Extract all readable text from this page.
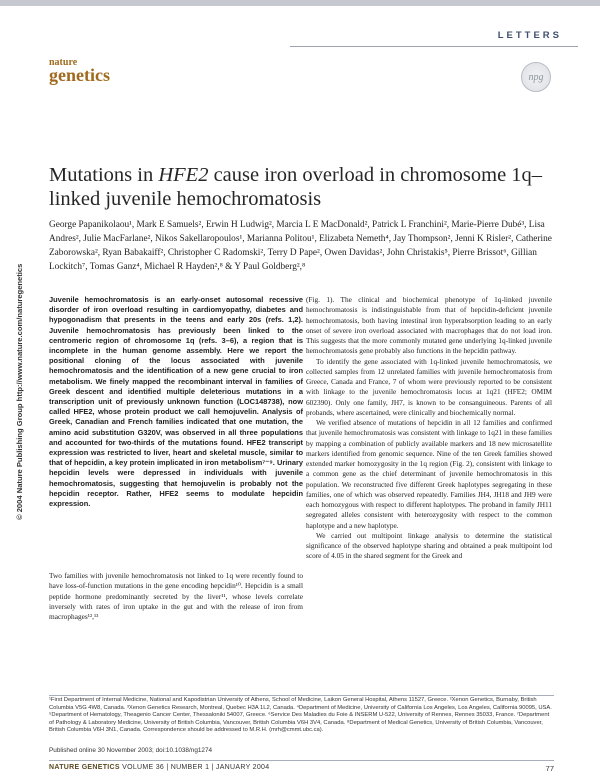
LETTERS
nature
genetics	npg
© 2004 Nature Publishing Group http://www.nature.com/naturegenetics
Mutations in HFE2 cause iron overload in chromosome 1q–linked juvenile hemochromatosis
George Papanikolaou¹, Mark E Samuels², Erwin H Ludwig², Marcia L E MacDonald², Patrick L Franchini², Marie-Pierre Dubé³, Lisa Andres², Julie MacFarlane², Nikos Sakellaropoulos¹, Marianna Politou¹, Elizabeta Nemeth⁴, Jay Thompson², Jenni K Risler², Catherine Zaborowska², Ryan Babakaiff², Christopher C Radomski², Terry D Pape², Owen Davidas², John Christakis⁵, Pierre Brissot⁶, Gillian Lockitch⁷, Tomas Ganz⁴, Michael R Hayden²,⁸ & Y Paul Goldberg²,⁸
Juvenile hemochromatosis is an early-onset autosomal recessive disorder of iron overload resulting in cardiomyopathy, diabetes and hypogonadism that presents in the teens and early 20s (refs. 1,2). Juvenile hemochromatosis has previously been linked to the centromeric region of chromosome 1q (refs. 3–6), a region that is incomplete in the human genome assembly. Here we report the positional cloning of the locus associated with juvenile hemochromatosis and the identification of a new gene crucial to iron metabolism. We finely mapped the recombinant interval in families of Greek descent and identified multiple deleterious mutations in a transcription unit of previously unknown function (LOC148738), now called HFE2, whose protein product we call hemojuvelin. Analysis of Greek, Canadian and French families indicated that one mutation, the amino acid substitution G320V, was observed in all three populations and accounted for two-thirds of the mutations found. HFE2 transcript expression was restricted to liver, heart and skeletal muscle, similar to that of hepcidin, a key protein implicated in iron metabolism⁷⁻⁹. Urinary hepcidin levels were depressed in individuals with juvenile hemochromatosis, suggesting that hemojuvelin is probably not the hepcidin receptor. Rather, HFE2 seems to modulate hepcidin expression.
Two families with juvenile hemochromatosis not linked to 1q were recently found to have loss-of-function mutations in the gene encoding hepcidin¹⁰. Hepcidin is a small peptide hormone predominantly secreted by the liver¹¹, whose levels correlate inversely with rates of iron uptake in the gut and with the release of iron from macrophages¹²,¹³

(Fig. 1). The clinical and biochemical phenotype of 1q-linked juvenile hemochromatosis is indistinguishable from that of hepcidin-deficient juvenile hemochromatosis, both having intestinal iron hyperabsorption leading to an early onset of severe iron overload associated with macrophages that do not load iron. This suggests that the more commonly mutated gene underlying 1q-linked juvenile hemochromatosis gene probably also functions in the hepcidin pathway.

To identify the gene associated with 1q-linked juvenile hemochromatosis, we collected samples from 12 unrelated families with juvenile hemochromatosis from Greece, Canada and France, 7 of whom were previously reported to be consistent with linkage to the juvenile hemochromatosis locus at 1q21 (HFE2; OMIM 602390). Only one family, JH7, is known to be consanguineous. Parents of all probands, where ascertained, were clinically and biochemically normal.

We verified absence of mutations of hepcidin in all 12 families and confirmed that juvenile hemochromatosis was consistent with linkage to 1q21 in these families by mapping a combination of publicly available markers and 18 new microsatellite markers identified from genomic sequence. Nine of the ten Greek families showed extended marker homozygosity in the 1q region (Fig. 2), consistent with linkage to a common gene as the chief determinant of juvenile hemochromatosis in this population. We reconstructed five different Greek haplotypes segregating in these families, one of which was observed repeatedly. Families JH4, JH18 and JH9 were each homozygous with respect to different haplotypes. The proband in family JH11 segregated alleles consistent with heterozygosity with respect to the common haplotype and a new haplotype.

We carried out multipoint linkage analysis to determine the statistical significance of the observed haplotype sharing and obtained a peak multipoint lod score of 4.05 in the shared segment for the Greek and

¹First Department of Internal Medicine, National and Kapodistrian University of Athens, School of Medicine, Laikon General Hospital, Athens 11527, Greece. ²Xenon Genetics, Burnaby, British Columbia V5G 4W8, Canada. ³Xenon Genetics Research, Montreal, Quebec H3A 1L2, Canada. ⁴Department of Medicine, University of California Los Angeles, Los Angeles, California 90095, USA. ⁵Department of Hematology, Theagenio Cancer Center, Thessaloniki 54007, Greece. ⁶Service Des Maladies du Foie & INSERM U-522, University of Rennes, Rennes 35033, France. ⁷Department of Pathology & Laboratory Medicine, University of British Columbia, Vancouver, British Columbia V6H 3V4, Canada. ⁸Department of Medical Genetics, University of British Columbia, Vancouver, British Columbia V6H 3N1, Canada. Correspondence should be addressed to M.R.H. (mrh@cmmt.ubc.ca).
Published online 30 November 2003; doi:10.1038/ng1274
NATURE GENETICS VOLUME 36 | NUMBER 1 | JANUARY 2004	77
